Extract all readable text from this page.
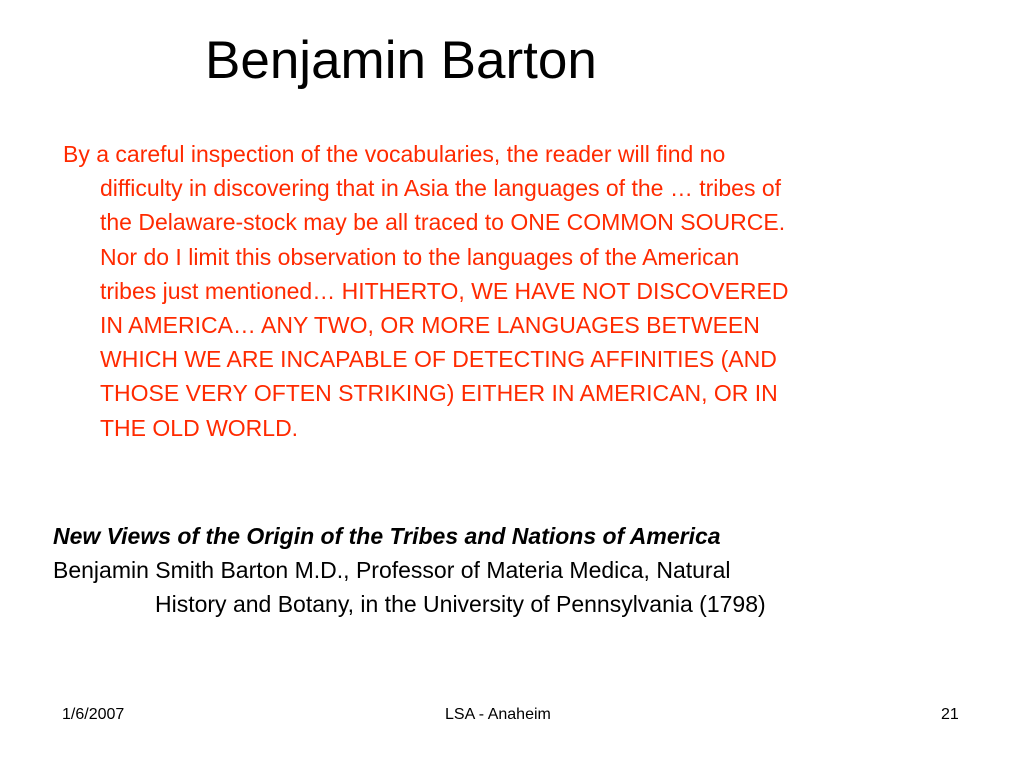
Benjamin Barton
By a careful inspection of the vocabularies, the reader will find no
difficulty in discovering that in Asia the languages of the … tribes of
the Delaware-stock may be all traced to ONE COMMON SOURCE.
Nor do I limit this observation to the languages of the American
tribes just mentioned… HITHERTO, WE HAVE NOT DISCOVERED
IN AMERICA… ANY TWO, OR MORE LANGUAGES BETWEEN
WHICH WE ARE INCAPABLE OF DETECTING AFFINITIES (AND
THOSE VERY OFTEN STRIKING) EITHER IN AMERICAN, OR IN
THE OLD WORLD.
New Views of the Origin of the Tribes and Nations of America
Benjamin Smith Barton M.D., Professor of Materia Medica, Natural
History and Botany, in the University of Pennsylvania (1798)
1/6/2007	LSA - Anaheim	21
